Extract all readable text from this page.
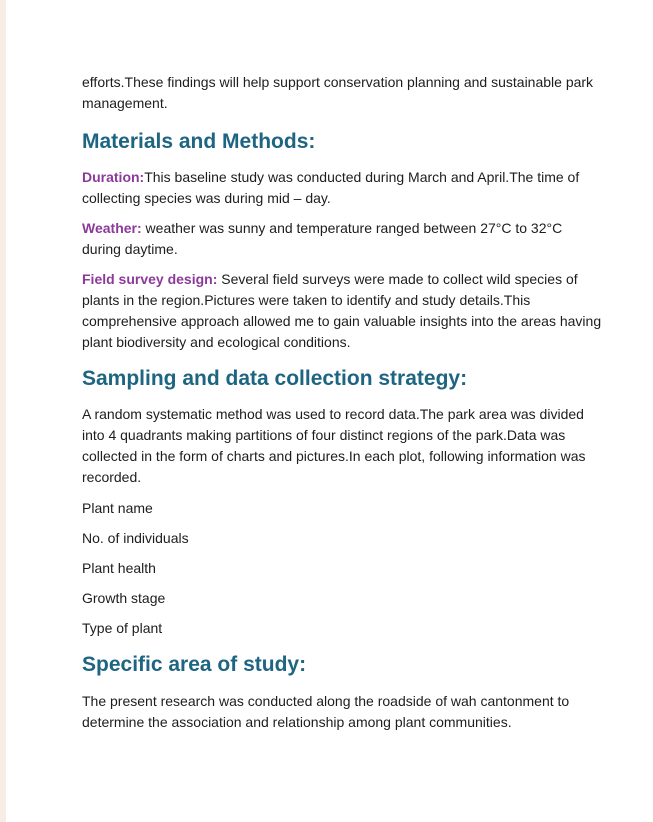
efforts.These findings will help support conservation planning and sustainable park management.

Materials and Methods:

Duration:This baseline study was conducted during March and April.The time of collecting species was during mid – day.

Weather: weather was sunny and temperature ranged between 27°C to 32°C during daytime.

Field survey design: Several field surveys were made to collect wild species of plants in the region.Pictures were taken to identify and study details.This comprehensive approach allowed me to gain valuable insights into the areas having plant biodiversity and ecological conditions.

Sampling and data collection strategy:

A random systematic method was used to record data.The park area was divided into 4 quadrants making partitions of four distinct regions of the park.Data was collected in the form of charts and pictures.In each plot, following information was recorded.

Plant name

No. of individuals

Plant health

Growth stage

Type of plant

Specific area of study:

The present research was conducted along the roadside of wah cantonment to determine the association and relationship among plant communities.
